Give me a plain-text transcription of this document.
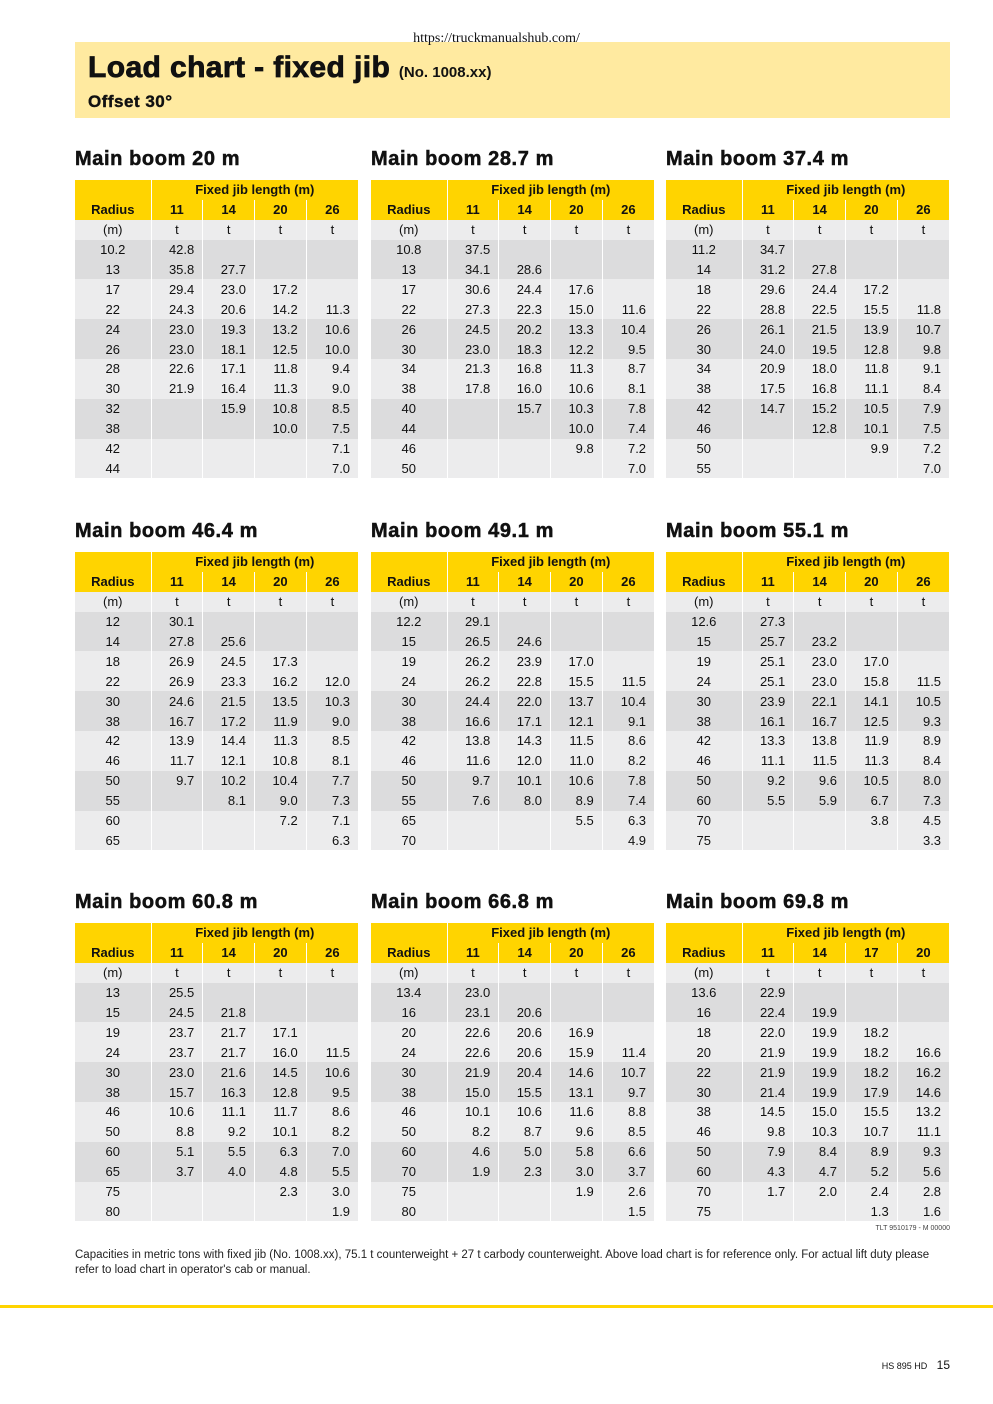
https://truckmanualshub.com/
Load chart - fixed jib (No. 1008.xx)
Offset 30°
Main boom 20 m
	Fixed jib length (m)			
Radius	11	14	20	26
(m)	t	t	t	t
10.2	42.8			
13	35.8	27.7		
17	29.4	23.0	17.2	
22	24.3	20.6	14.2	11.3
24	23.0	19.3	13.2	10.6
26	23.0	18.1	12.5	10.0
28	22.6	17.1	11.8	9.4
30	21.9	16.4	11.3	9.0
32		15.9	10.8	8.5
38			10.0	7.5
42				7.1
44				7.0
Main boom 28.7 m
	Fixed jib length (m)			
Radius	11	14	20	26
(m)	t	t	t	t
10.8	37.5			
13	34.1	28.6		
17	30.6	24.4	17.6	
22	27.3	22.3	15.0	11.6
26	24.5	20.2	13.3	10.4
30	23.0	18.3	12.2	9.5
34	21.3	16.8	11.3	8.7
38	17.8	16.0	10.6	8.1
40		15.7	10.3	7.8
44			10.0	7.4
46			9.8	7.2
50				7.0
Main boom 37.4 m
	Fixed jib length (m)			
Radius	11	14	20	26
(m)	t	t	t	t
11.2	34.7			
14	31.2	27.8		
18	29.6	24.4	17.2	
22	28.8	22.5	15.5	11.8
26	26.1	21.5	13.9	10.7
30	24.0	19.5	12.8	9.8
34	20.9	18.0	11.8	9.1
38	17.5	16.8	11.1	8.4
42	14.7	15.2	10.5	7.9
46		12.8	10.1	7.5
50			9.9	7.2
55				7.0
Main boom 46.4 m
	Fixed jib length (m)			
Radius	11	14	20	26
(m)	t	t	t	t
12	30.1			
14	27.8	25.6		
18	26.9	24.5	17.3	
22	26.9	23.3	16.2	12.0
30	24.6	21.5	13.5	10.3
38	16.7	17.2	11.9	9.0
42	13.9	14.4	11.3	8.5
46	11.7	12.1	10.8	8.1
50	9.7	10.2	10.4	7.7
55		8.1	9.0	7.3
60			7.2	7.1
65				6.3
Main boom 49.1 m
	Fixed jib length (m)			
Radius	11	14	20	26
(m)	t	t	t	t
12.2	29.1			
15	26.5	24.6		
19	26.2	23.9	17.0	
24	26.2	22.8	15.5	11.5
30	24.4	22.0	13.7	10.4
38	16.6	17.1	12.1	9.1
42	13.8	14.3	11.5	8.6
46	11.6	12.0	11.0	8.2
50	9.7	10.1	10.6	7.8
55	7.6	8.0	8.9	7.4
65			5.5	6.3
70				4.9
Main boom 55.1 m
	Fixed jib length (m)			
Radius	11	14	20	26
(m)	t	t	t	t
12.6	27.3			
15	25.7	23.2		
19	25.1	23.0	17.0	
24	25.1	23.0	15.8	11.5
30	23.9	22.1	14.1	10.5
38	16.1	16.7	12.5	9.3
42	13.3	13.8	11.9	8.9
46	11.1	11.5	11.3	8.4
50	9.2	9.6	10.5	8.0
60	5.5	5.9	6.7	7.3
70			3.8	4.5
75				3.3
Main boom 60.8 m
	Fixed jib length (m)			
Radius	11	14	20	26
(m)	t	t	t	t
13	25.5			
15	24.5	21.8		
19	23.7	21.7	17.1	
24	23.7	21.7	16.0	11.5
30	23.0	21.6	14.5	10.6
38	15.7	16.3	12.8	9.5
46	10.6	11.1	11.7	8.6
50	8.8	9.2	10.1	8.2
60	5.1	5.5	6.3	7.0
65	3.7	4.0	4.8	5.5
75			2.3	3.0
80				1.9
Main boom 66.8 m
	Fixed jib length (m)			
Radius	11	14	20	26
(m)	t	t	t	t
13.4	23.0			
16	23.1	20.6		
20	22.6	20.6	16.9	
24	22.6	20.6	15.9	11.4
30	21.9	20.4	14.6	10.7
38	15.0	15.5	13.1	9.7
46	10.1	10.6	11.6	8.8
50	8.2	8.7	9.6	8.5
60	4.6	5.0	5.8	6.6
70	1.9	2.3	3.0	3.7
75			1.9	2.6
80				1.5
Main boom 69.8 m
	Fixed jib length (m)			
Radius	11	14	17	20
(m)	t	t	t	t
13.6	22.9			
16	22.4	19.9		
18	22.0	19.9	18.2	
20	21.9	19.9	18.2	16.6
22	21.9	19.9	18.2	16.2
30	21.4	19.9	17.9	14.6
38	14.5	15.0	15.5	13.2
46	9.8	10.3	10.7	11.1
50	7.9	8.4	8.9	9.3
60	4.3	4.7	5.2	5.6
70	1.7	2.0	2.4	2.8
75			1.3	1.6
TLT 9510179 - M 00000
Capacities in metric tons with fixed jib (No. 1008.xx), 75.1 t counterweight + 27 t carbody counterweight. Above load chart is for reference only. For actual lift duty please refer to load chart in operator's cab or manual.
HS 895 HD 15
